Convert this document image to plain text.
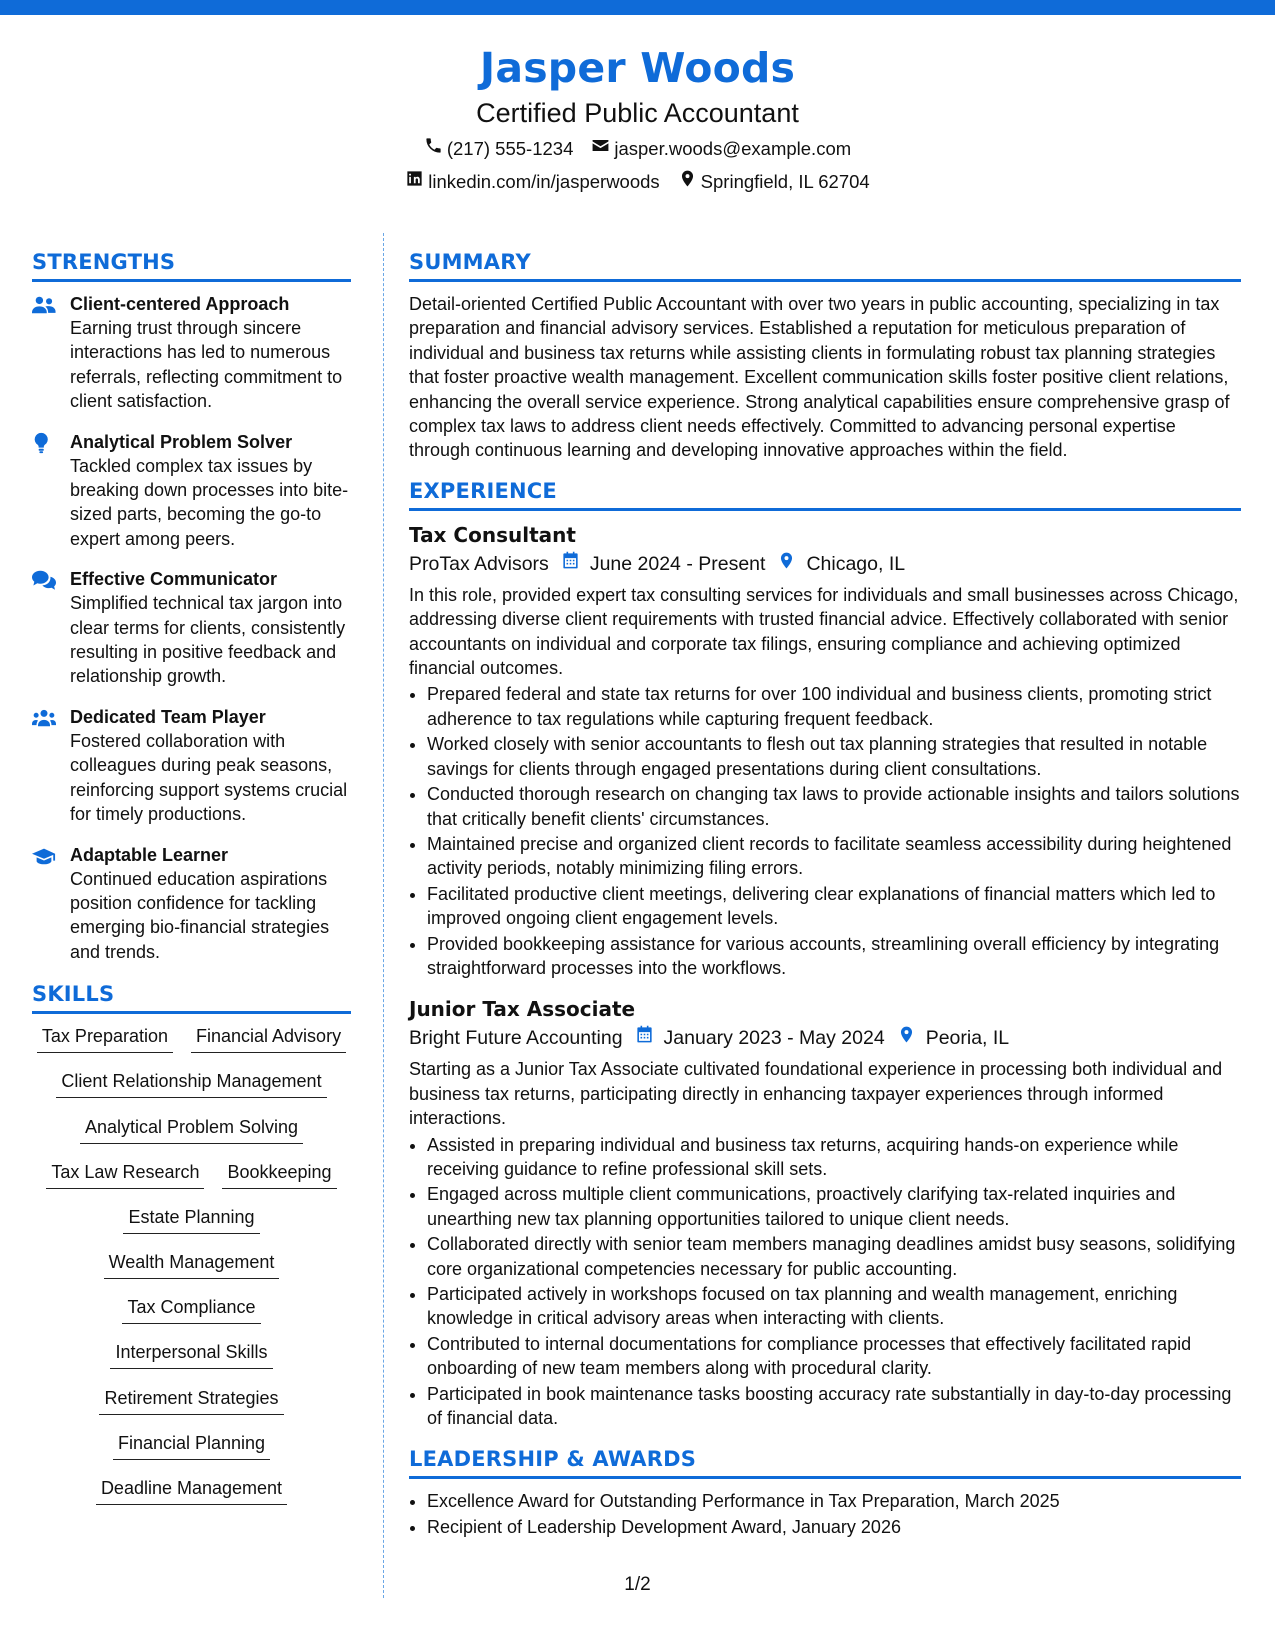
Jasper Woods
Certified Public Accountant
(217) 555-1234 jasper.woods@example.com
linkedin.com/in/jasperwoods Springfield, IL 62704
STRENGTHS
Client-centered Approach
Earning trust through sincere interactions has led to numerous referrals, reflecting commitment to client satisfaction.
Analytical Problem Solver
Tackled complex tax issues by breaking down processes into bite-sized parts, becoming the go-to expert among peers.
Effective Communicator
Simplified technical tax jargon into clear terms for clients, consistently resulting in positive feedback and relationship growth.
Dedicated Team Player
Fostered collaboration with colleagues during peak seasons, reinforcing support systems crucial for timely productions.
Adaptable Learner
Continued education aspirations position confidence for tackling emerging bio-financial strategies and trends.
SKILLS
Tax Preparation Financial Advisory
Client Relationship Management
Analytical Problem Solving
Tax Law Research Bookkeeping
Estate Planning
Wealth Management
Tax Compliance
Interpersonal Skills
Retirement Strategies
Financial Planning
Deadline Management
SUMMARY

Detail-oriented Certified Public Accountant with over two years in public accounting, specializing in tax preparation and financial advisory services. Established a reputation for meticulous preparation of individual and business tax returns while assisting clients in formulating robust tax planning strategies that foster proactive wealth management. Excellent communication skills foster positive client relations, enhancing the overall service experience. Strong analytical capabilities ensure comprehensive grasp of complex tax laws to address client needs effectively. Committed to advancing personal expertise through continuous learning and developing innovative approaches within the field.

EXPERIENCE
Tax Consultant
ProTax Advisors June 2024 - Present Chicago, IL

In this role, provided expert tax consulting services for individuals and small businesses across Chicago, addressing diverse client requirements with trusted financial advice. Effectively collaborated with senior accountants on individual and corporate tax filings, ensuring compliance and achieving optimized financial outcomes.

• Prepared federal and state tax returns for over 100 individual and business clients, promoting strict adherence to tax regulations while capturing frequent feedback.
• Worked closely with senior accountants to flesh out tax planning strategies that resulted in notable savings for clients through engaged presentations during client consultations.
• Conducted thorough research on changing tax laws to provide actionable insights and tailors solutions that critically benefit clients' circumstances.
• Maintained precise and organized client records to facilitate seamless accessibility during heightened activity periods, notably minimizing filing errors.
• Facilitated productive client meetings, delivering clear explanations of financial matters which led to improved ongoing client engagement levels.
• Provided bookkeeping assistance for various accounts, streamlining overall efficiency by integrating straightforward processes into the workflows.
Junior Tax Associate
Bright Future Accounting January 2023 - May 2024 Peoria, IL

Starting as a Junior Tax Associate cultivated foundational experience in processing both individual and business tax returns, participating directly in enhancing taxpayer experiences through informed interactions.

• Assisted in preparing individual and business tax returns, acquiring hands-on experience while receiving guidance to refine professional skill sets.
• Engaged across multiple client communications, proactively clarifying tax-related inquiries and unearthing new tax planning opportunities tailored to unique client needs.
• Collaborated directly with senior team members managing deadlines amidst busy seasons, solidifying core organizational competencies necessary for public accounting.
• Participated actively in workshops focused on tax planning and wealth management, enriching knowledge in critical advisory areas when interacting with clients.
• Contributed to internal documentations for compliance processes that effectively facilitated rapid onboarding of new team members along with procedural clarity.
• Participated in book maintenance tasks boosting accuracy rate substantially in day-to-day processing of financial data.
LEADERSHIP & AWARDS
• Excellence Award for Outstanding Performance in Tax Preparation, March 2025
• Recipient of Leadership Development Award, January 2026
1/2
